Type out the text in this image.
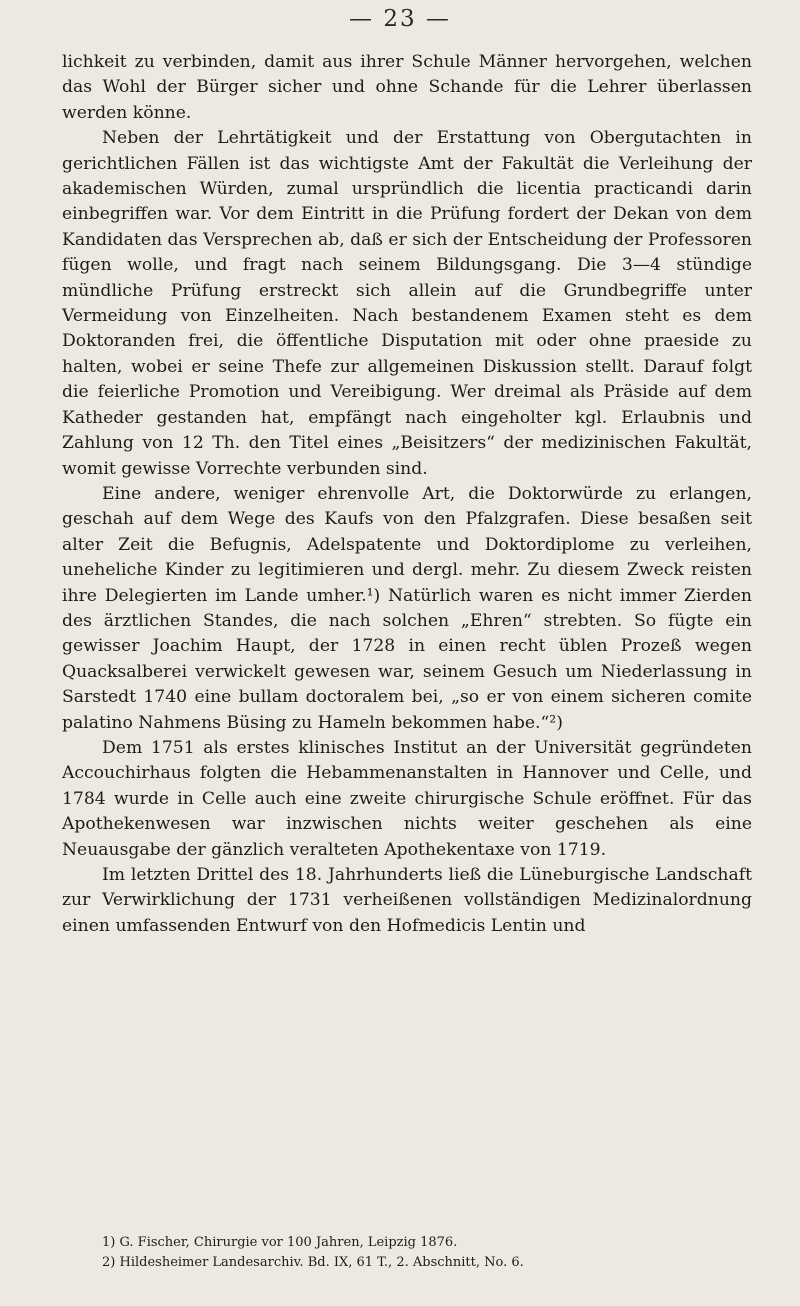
— 23 —

lichkeit zu verbinden, damit aus ihrer Schule Männer hervorgehen, welchen das Wohl der Bürger sicher und ohne Schande für die Lehrer überlassen werden könne.

Neben der Lehrtätigkeit und der Erstattung von Obergutachten in gerichtlichen Fällen ist das wichtigste Amt der Fakultät die Verleihung der akademischen Würden, zumal urspründlich die licentia practicandi darin einbegriffen war. Vor dem Eintritt in die Prüfung fordert der Dekan von dem Kandidaten das Versprechen ab, daß er sich der Entscheidung der Professoren fügen wolle, und fragt nach seinem Bildungsgang. Die 3—4 stündige mündliche Prüfung erstreckt sich allein auf die Grundbegriffe unter Vermeidung von Einzelheiten. Nach bestandenem Examen steht es dem Doktoranden frei, die öffentliche Disputation mit oder ohne praeside zu halten, wobei er seine Thefe zur allgemeinen Diskussion stellt. Darauf folgt die feierliche Promotion und Vereibigung. Wer dreimal als Präside auf dem Katheder gestanden hat, empfängt nach eingeholter kgl. Erlaubnis und Zahlung von 12 Th. den Titel eines „Beisitzers“ der medizinischen Fakultät, womit gewisse Vorrechte verbunden sind.

Eine andere, weniger ehrenvolle Art, die Doktorwürde zu erlangen, geschah auf dem Wege des Kaufs von den Pfalzgrafen. Diese besaßen seit alter Zeit die Befugnis, Adelspatente und Doktordiplome zu verleihen, uneheliche Kinder zu legitimieren und dergl. mehr. Zu diesem Zweck reisten ihre Delegierten im Lande umher.¹) Natürlich waren es nicht immer Zierden des ärztlichen Standes, die nach solchen „Ehren“ strebten. So fügte ein gewisser Joachim Haupt, der 1728 in einen recht üblen Prozeß wegen Quacksalberei verwickelt gewesen war, seinem Gesuch um Niederlassung in Sarstedt 1740 eine bullam doctoralem bei, „so er von einem sicheren comite palatino Nahmens Büsing zu Hameln bekommen habe.“²)

Dem 1751 als erstes klinisches Institut an der Universität gegründeten Accouchirhaus folgten die Hebammenanstalten in Hannover und Celle, und 1784 wurde in Celle auch eine zweite chirurgische Schule eröffnet. Für das Apothekenwesen war inzwischen nichts weiter geschehen als eine Neuausgabe der gänzlich veralteten Apothekentaxe von 1719.

Im letzten Drittel des 18. Jahrhunderts ließ die Lüneburgische Landschaft zur Verwirklichung der 1731 verheißenen vollständigen Medizinalordnung einen umfassenden Entwurf von den Hofmedicis Lentin und

1) G. Fischer, Chirurgie vor 100 Jahren, Leipzig 1876.

2) Hildesheimer Landesarchiv. Bd. IX, 61 T., 2. Abschnitt, No. 6.
